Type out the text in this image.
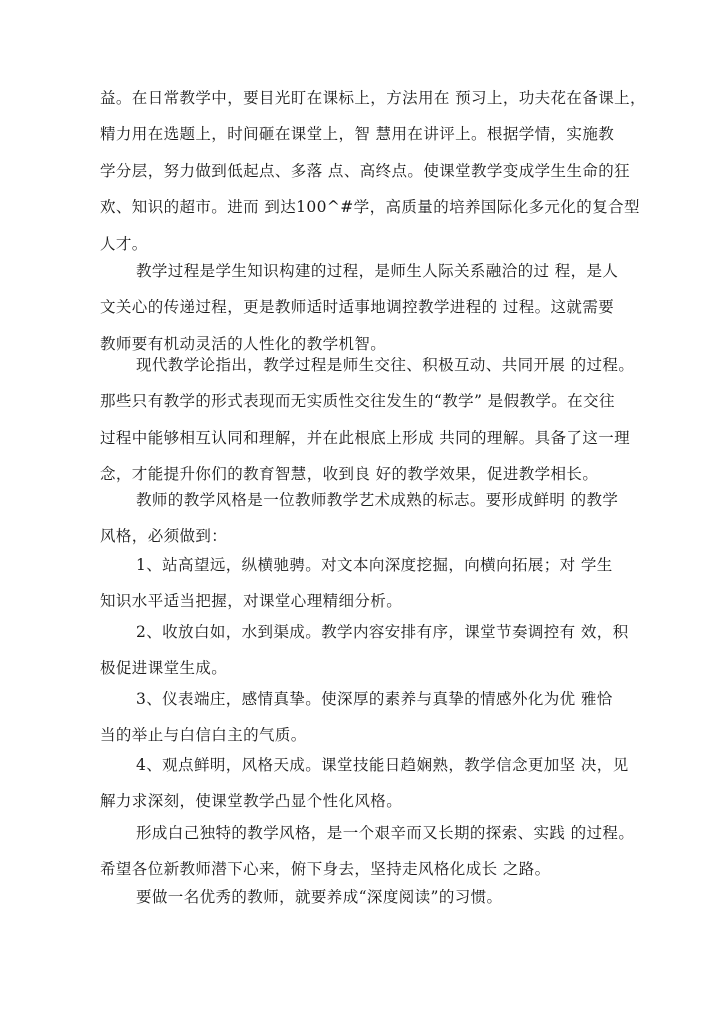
益。在日常教学中，要目光盯在课标上，方法用在 预习上，功夫花在备课上，
精力用在选题上，时间砸在课堂上，智 慧用在讲评上。根据学情，实施教
学分层，努力做到低起点、多落 点、高终点。使课堂教学变成学生生命的狂
欢、知识的超市。进而 到达100^#学，高质量的培养国际化多元化的复合型
人才。
教学过程是学生知识构建的过程，是师生人际关系融洽的过 程，是人
文关心的传递过程，更是教师适时适事地调控教学进程的 过程。这就需要
教师要有机动灵活的人性化的教学机智。
现代教学论指出，教学过程是师生交往、积极互动、共同开展 的过程。
那些只有教学的形式表现而无实质性交往发生的“教学” 是假教学。在交往
过程中能够相互认同和理解，并在此根底上形成 共同的理解。具备了这一理
念，才能提升你们的教育智慧，收到良 好的教学效果，促进教学相长。
教师的教学风格是一位教师教学艺术成熟的标志。要形成鲜明 的教学
风格，必须做到：
1、站高望远，纵横驰骋。对文本向深度挖掘，向横向拓展；对 学生
知识水平适当把握，对课堂心理精细分析。
2、收放白如，水到渠成。教学内容安排有序，课堂节奏调控有 效，积
极促进课堂生成。
3、仪表端庄，感情真挚。使深厚的素养与真挚的情感外化为优 雅恰
当的举止与白信白主的气质。
4、观点鲜明，风格天成。课堂技能日趋娴熟，教学信念更加坚 决，见
解力求深刻，使课堂教学凸显个性化风格。
形成白己独特的教学风格，是一个艰辛而又长期的探索、实践 的过程。
希望各位新教师潜下心来，俯下身去，坚持走风格化成长 之路。
要做一名优秀的教师，就要养成“深度阅读”的习惯。
